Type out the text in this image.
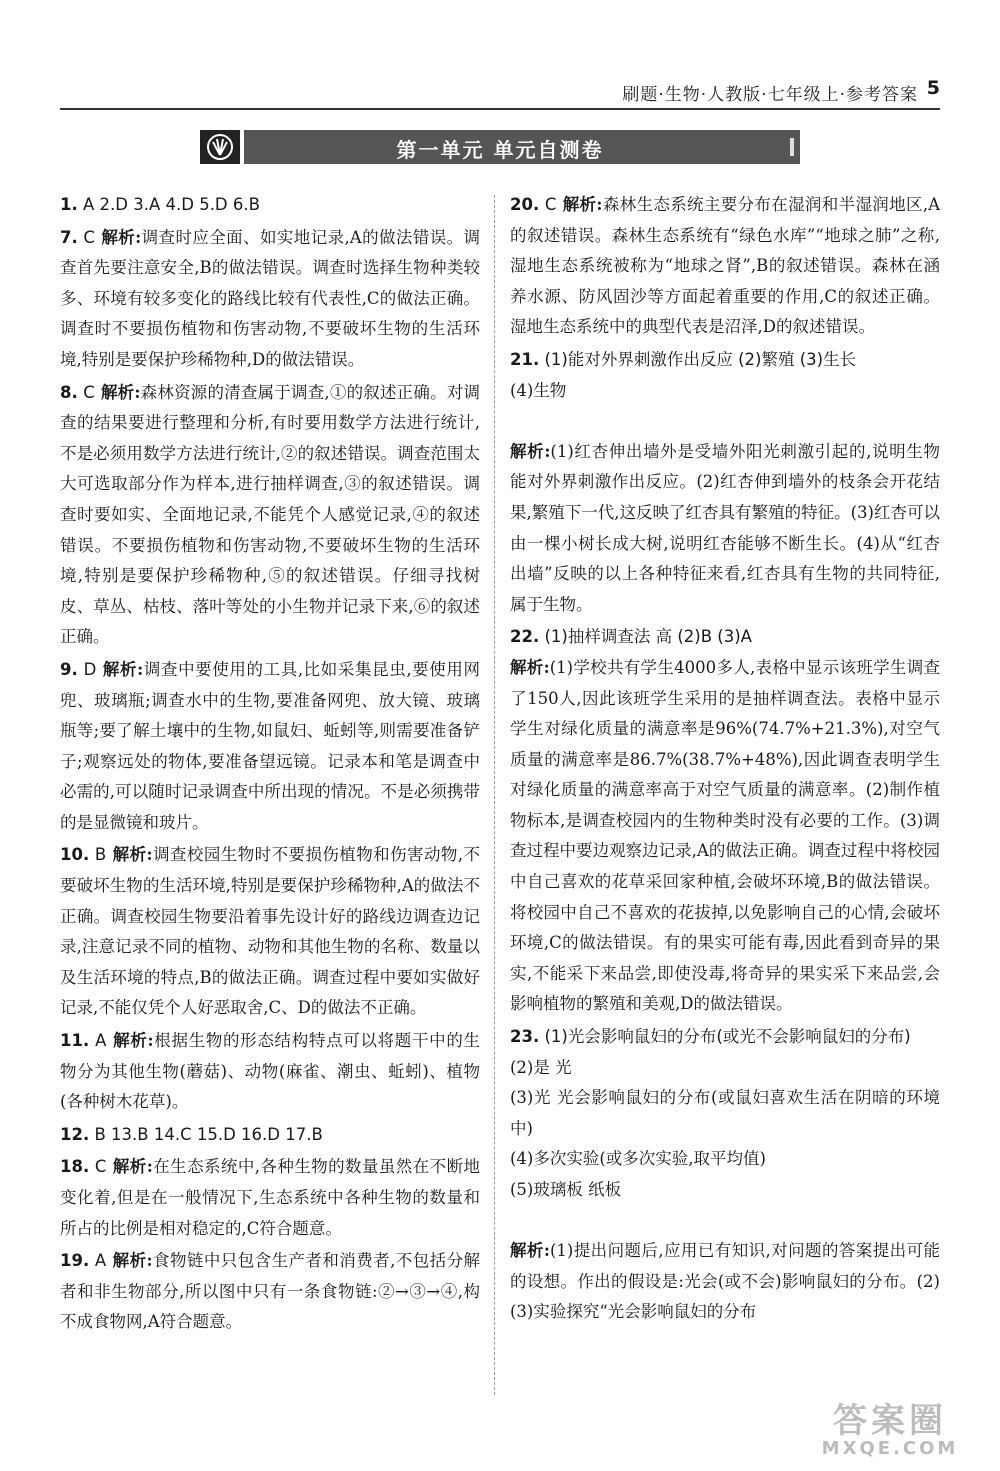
刷题·生物·人教版·七年级上·参考答案 5
第一单元 单元自测卷
1. A 2.D 3.A 4.D 5.D 6.B
7. C 解析:调查时应全面、如实地记录,A的做法错误。调查首先要注意安全,B的做法错误。调查时选择生物种类较多、环境有较多变化的路线比较有代表性,C的做法正确。调查时不要损伤植物和伤害动物,不要破坏生物的生活环境,特别是要保护珍稀物种,D的做法错误。
8. C 解析:森林资源的清查属于调查,①的叙述正确。对调查的结果要进行整理和分析,有时要用数学方法进行统计,不是必须用数学方法进行统计,②的叙述错误。调查范围太大可选取部分作为样本,进行抽样调查,③的叙述错误。调查时要如实、全面地记录,不能凭个人感觉记录,④的叙述错误。不要损伤植物和伤害动物,不要破坏生物的生活环境,特别是要保护珍稀物种,⑤的叙述错误。仔细寻找树皮、草丛、枯枝、落叶等处的小生物并记录下来,⑥的叙述正确。
9. D 解析:调查中要使用的工具,比如采集昆虫,要使用网兜、玻璃瓶;调查水中的生物,要准备网兜、放大镜、玻璃瓶等;要了解土壤中的生物,如鼠妇、蚯蚓等,则需要准备铲子;观察远处的物体,要准备望远镜。记录本和笔是调查中必需的,可以随时记录调查中所出现的情况。不是必须携带的是显微镜和玻片。
10. B 解析:调查校园生物时不要损伤植物和伤害动物,不要破坏生物的生活环境,特别是要保护珍稀物种,A的做法不正确。调查校园生物要沿着事先设计好的路线边调查边记录,注意记录不同的植物、动物和其他生物的名称、数量以及生活环境的特点,B的做法正确。调查过程中要如实做好记录,不能仅凭个人好恶取舍,C、D的做法不正确。
11. A 解析:根据生物的形态结构特点可以将题干中的生物分为其他生物(蘑菇)、动物(麻雀、潮虫、蚯蚓)、植物(各种树木花草)。
12. B 13.B 14.C 15.D 16.D 17.B
18. C 解析:在生态系统中,各种生物的数量虽然在不断地变化着,但是在一般情况下,生态系统中各种生物的数量和所占的比例是相对稳定的,C符合题意。
19. A 解析:食物链中只包含生产者和消费者,不包括分解者和非生物部分,所以图中只有一条食物链:②→③→④,构不成食物网,A符合题意。
20. C 解析:森林生态系统主要分布在湿润和半湿润地区,A的叙述错误。森林生态系统有“绿色水库”“地球之肺”之称,湿地生态系统被称为“地球之肾”,B的叙述错误。森林在涵养水源、防风固沙等方面起着重要的作用,C的叙述正确。湿地生态系统中的典型代表是沼泽,D的叙述错误。
21. (1)能对外界刺激作出反应 (2)繁殖 (3)生长
(4)生物

解析:(1)红杏伸出墙外是受墙外阳光刺激引起的,说明生物能对外界刺激作出反应。(2)红杏伸到墙外的枝条会开花结果,繁殖下一代,这反映了红杏具有繁殖的特征。(3)红杏可以由一棵小树长成大树,说明红杏能够不断生长。(4)从“红杏出墙”反映的以上各种特征来看,红杏具有生物的共同特征,属于生物。
22. (1)抽样调查法 高 (2)B (3)A
解析:(1)学校共有学生4000多人,表格中显示该班学生调查了150人,因此该班学生采用的是抽样调查法。表格中显示学生对绿化质量的满意率是96%(74.7%+21.3%),对空气质量的满意率是86.7%(38.7%+48%),因此调查表明学生对绿化质量的满意率高于对空气质量的满意率。(2)制作植物标本,是调查校园内的生物种类时没有必要的工作。(3)调查过程中要边观察边记录,A的做法正确。调查过程中将校园中自己喜欢的花草采回家种植,会破坏环境,B的做法错误。将校园中自己不喜欢的花拔掉,以免影响自己的心情,会破坏环境,C的做法错误。有的果实可能有毒,因此看到奇异的果实,不能采下来品尝,即使没毒,将奇异的果实采下来品尝,会影响植物的繁殖和美观,D的做法错误。
23. (1)光会影响鼠妇的分布(或光不会影响鼠妇的分布)
(2)是 光
(3)光 光会影响鼠妇的分布(或鼠妇喜欢生活在阴暗的环境中)
(4)多次实验(或多次实验,取平均值)
(5)玻璃板 纸板

解析:(1)提出问题后,应用已有知识,对问题的答案提出可能的设想。作出的假设是:光会(或不会)影响鼠妇的分布。(2)(3)实验探究“光会影响鼠妇的分布
答案圈
MXQE.COM
